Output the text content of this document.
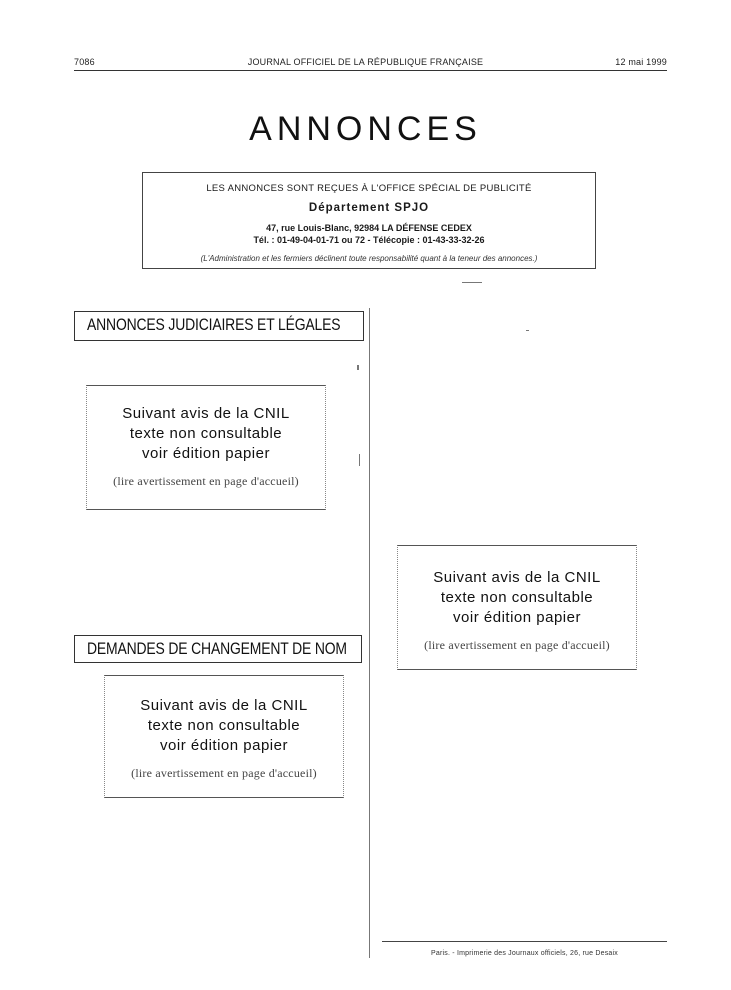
7086	JOURNAL OFFICIEL DE LA RÉPUBLIQUE FRANÇAISE	12 mai 1999
ANNONCES
LES ANNONCES SONT REÇUES À L'OFFICE SPÉCIAL DE PUBLICITÉ
Département SPJO
47, rue Louis-Blanc, 92984 LA DÉFENSE CEDEX
Tél. : 01-49-04-01-71 ou 72 - Télécopie : 01-43-33-32-26
(L'Administration et les fermiers déclinent toute responsabilité quant à la teneur des annonces.)
ANNONCES JUDICIAIRES ET LÉGALES
Suivant avis de la CNIL
texte non consultable
voir édition papier
(lire avertissement en page d'accueil)
DEMANDES DE CHANGEMENT DE NOM
Suivant avis de la CNIL
texte non consultable
voir édition papier
(lire avertissement en page d'accueil)
Suivant avis de la CNIL
texte non consultable
voir édition papier
(lire avertissement en page d'accueil)
Paris. - Imprimerie des Journaux officiels, 26, rue Desaix
